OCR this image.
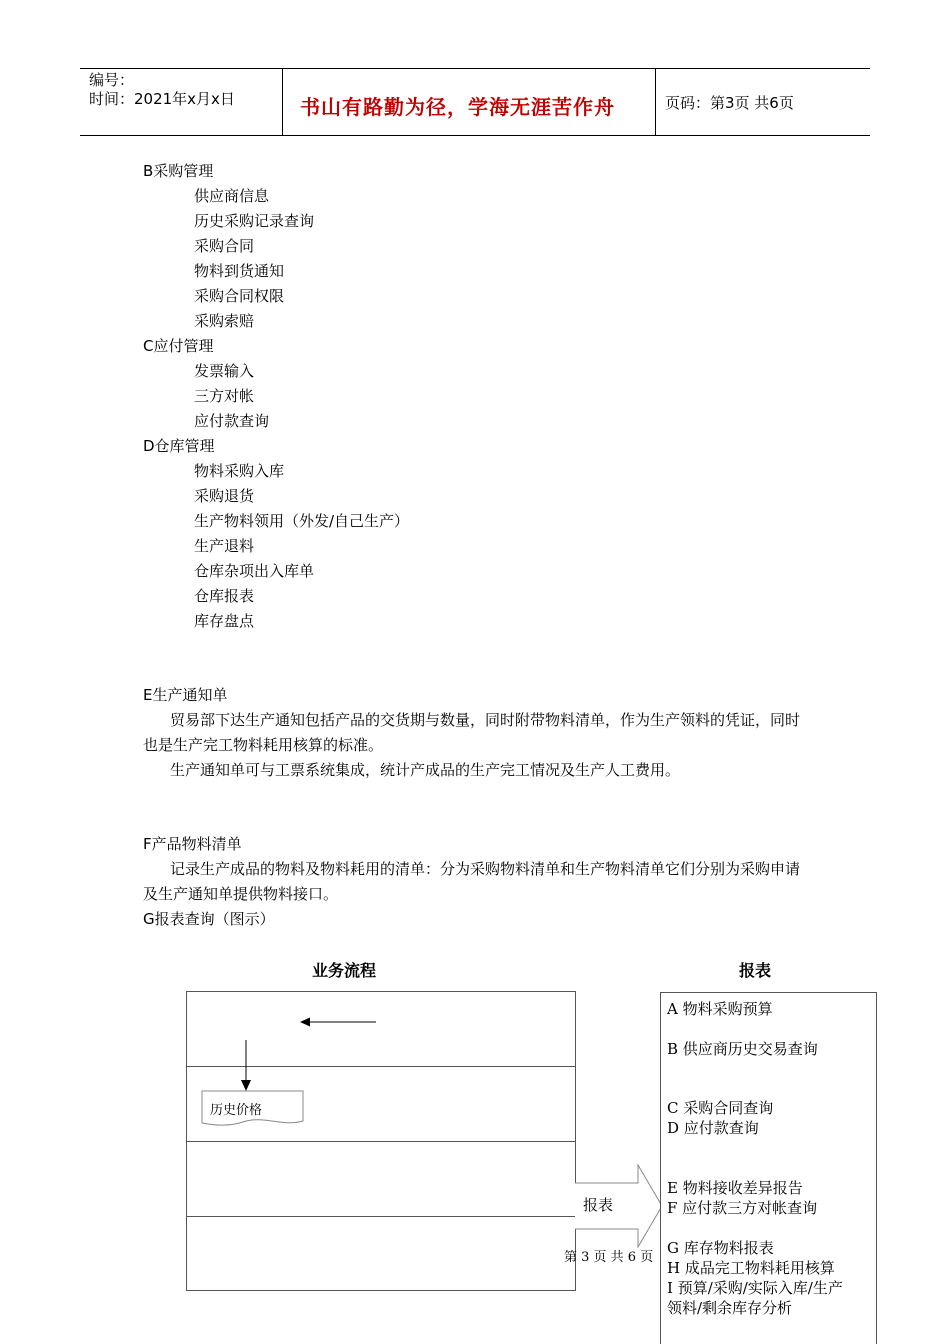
编号：
时间：2021年x月x日	书山有路勤为径，学海无涯苦作舟	页码：第3页 共6页
B采购管理
供应商信息
历史采购记录查询
采购合同
物料到货通知
采购合同权限
采购索赔
C应付管理
发票输入
三方对帐
应付款查询
D仓库管理
物料采购入库
采购退货
生产物料领用（外发/自己生产）
生产退料
仓库杂项出入库单
仓库报表
库存盘点
E生产通知单
贸易部下达生产通知包括产品的交货期与数量，同时附带物料清单，作为生产领料的凭证，同时也是生产完工物料耗用核算的标准。
生产通知单可与工票系统集成，统计产成品的生产完工情况及生产人工费用。
F产品物料清单
记录生产成品的物料及物料耗用的清单：分为采购物料清单和生产物料清单它们分别为采购申请及生产通知单提供物料接口。
G报表查询（图示）
业务流程	报表
历史价格
报表
第 3 页 共 6 页
A 物料采购预算
B 供应商历史交易查询
C 采购合同查询
D 应付款查询
E 物料接收差异报告
F 应付款三方对帐查询
G 库存物料报表
H 成品完工物料耗用核算
I 预算/采购/实际入库/生产
领料/剩余库存分析
